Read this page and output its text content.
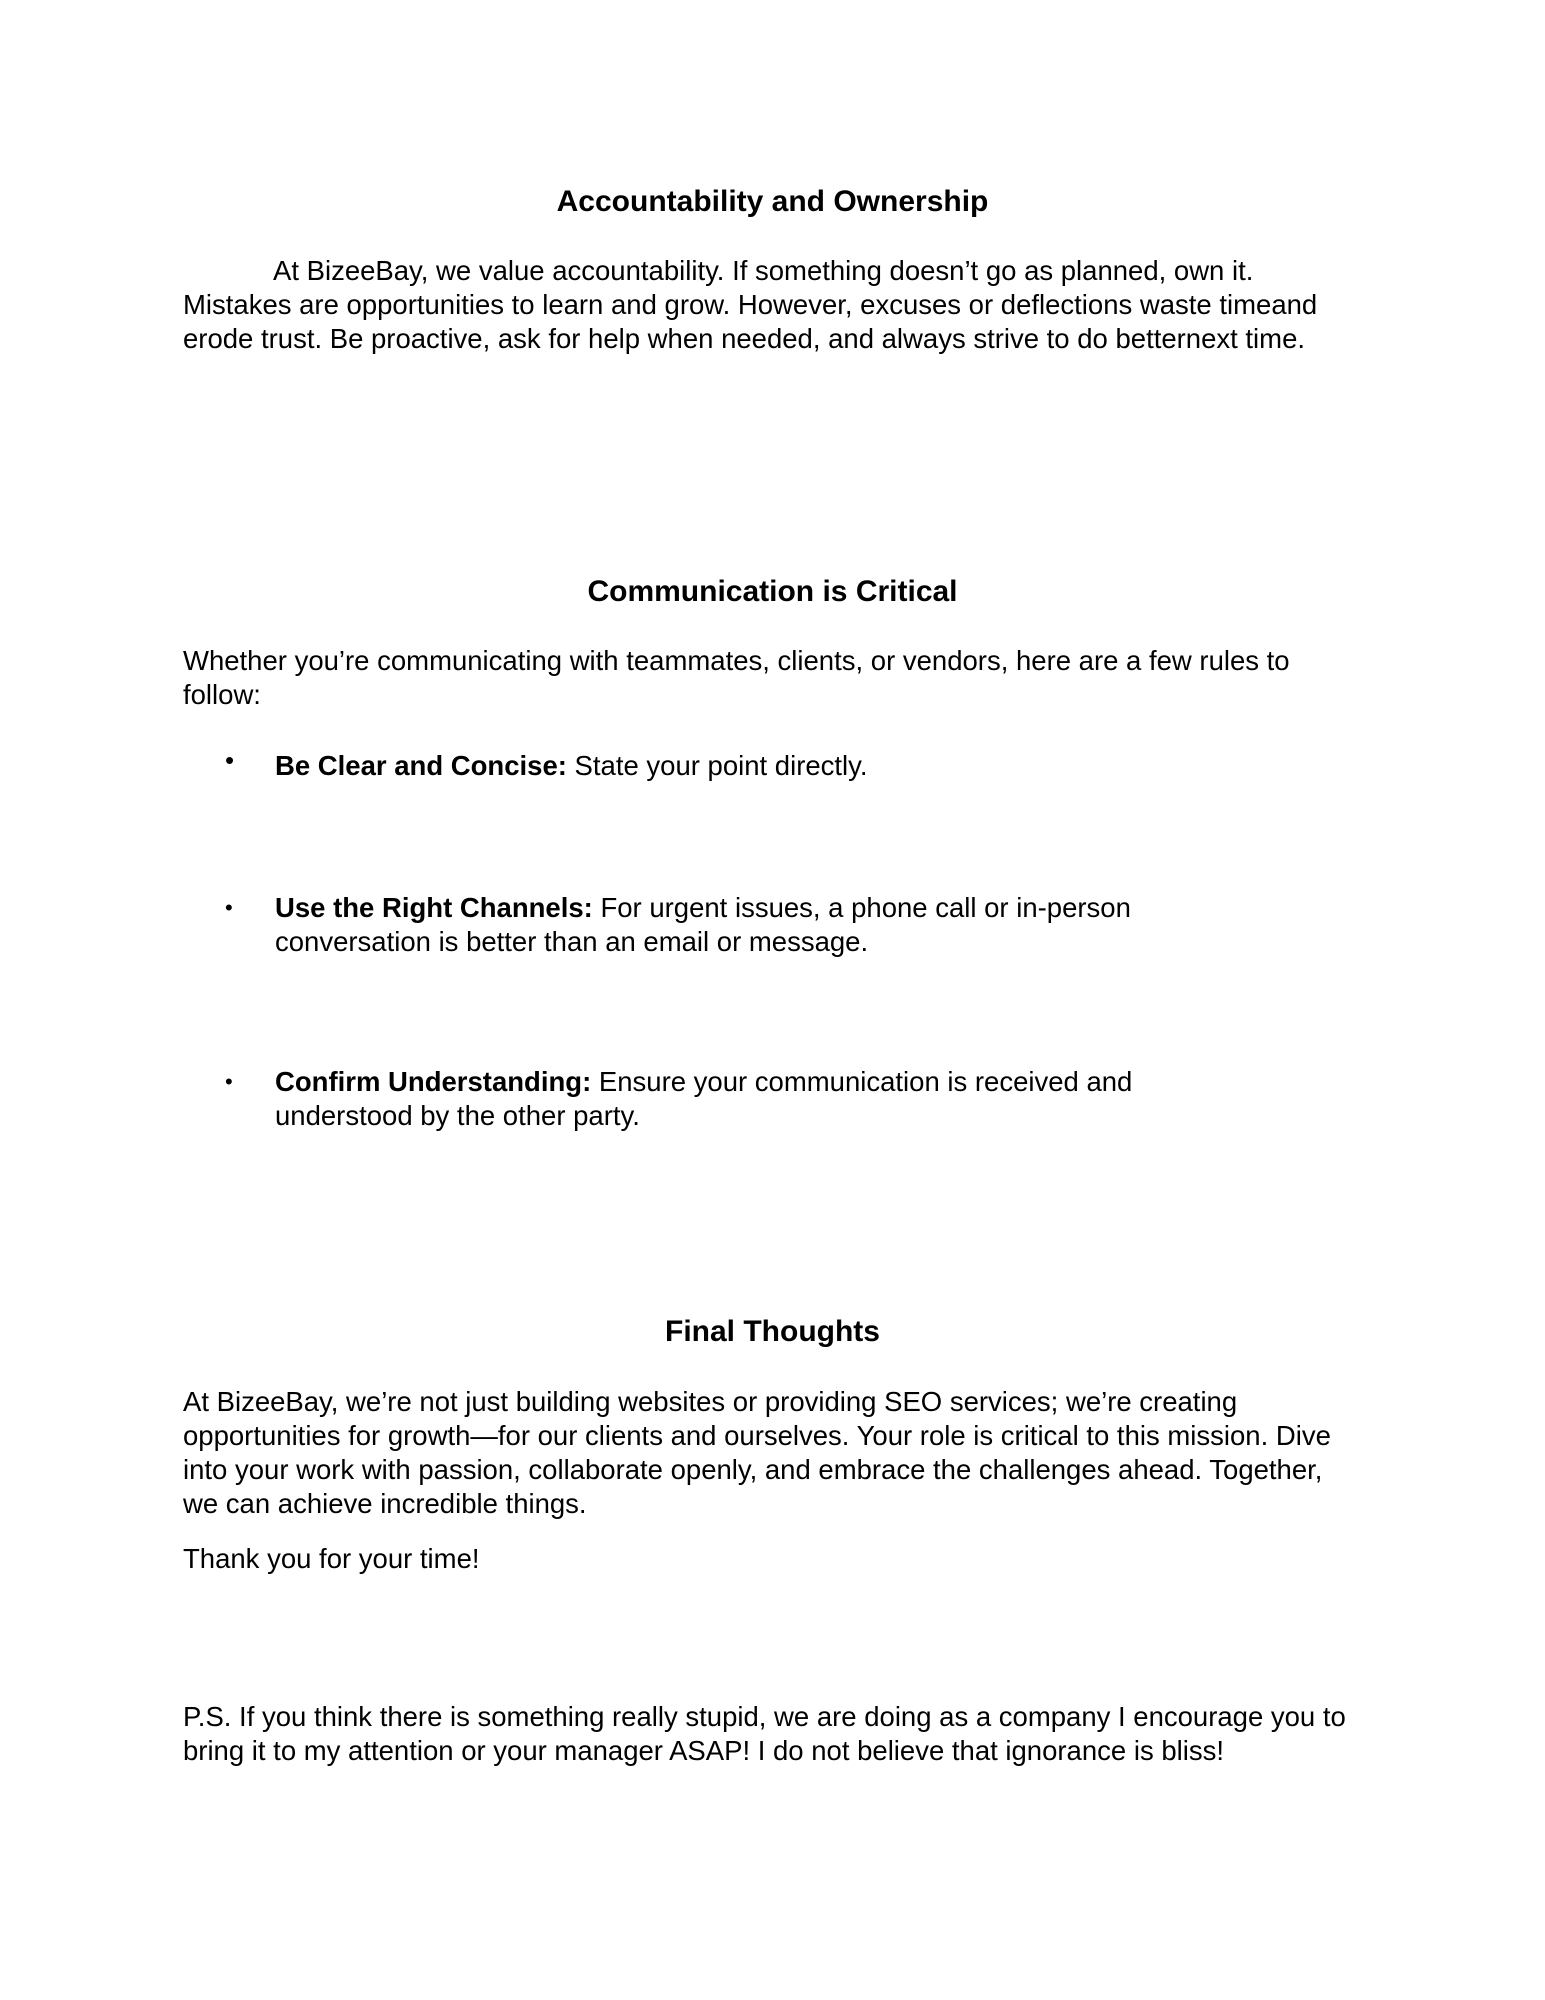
Accountability and Ownership

At BizeeBay, we value accountability. If something doesn’t go as planned, own it. Mistakes are opportunities to learn and grow. However, excuses or deflections waste timeand erode trust. Be proactive, ask for help when needed, and always strive to do betternext time.

Communication is Critical

Whether you’re communicating with teammates, clients, or vendors, here are a few rules to follow:

• Be Clear and Concise: State your point directly.
• Use the Right Channels: For urgent issues, a phone call or in-person conversation is better than an email or message.
• Confirm Understanding: Ensure your communication is received and understood by the other party.
Final Thoughts

At BizeeBay, we’re not just building websites or providing SEO services; we’re creating opportunities for growth—for our clients and ourselves. Your role is critical to this mission. Dive into your work with passion, collaborate openly, and embrace the challenges ahead. Together, we can achieve incredible things.

Thank you for your time!

P.S. If you think there is something really stupid, we are doing as a company I encourage you to bring it to my attention or your manager ASAP! I do not believe that ignorance is bliss!
